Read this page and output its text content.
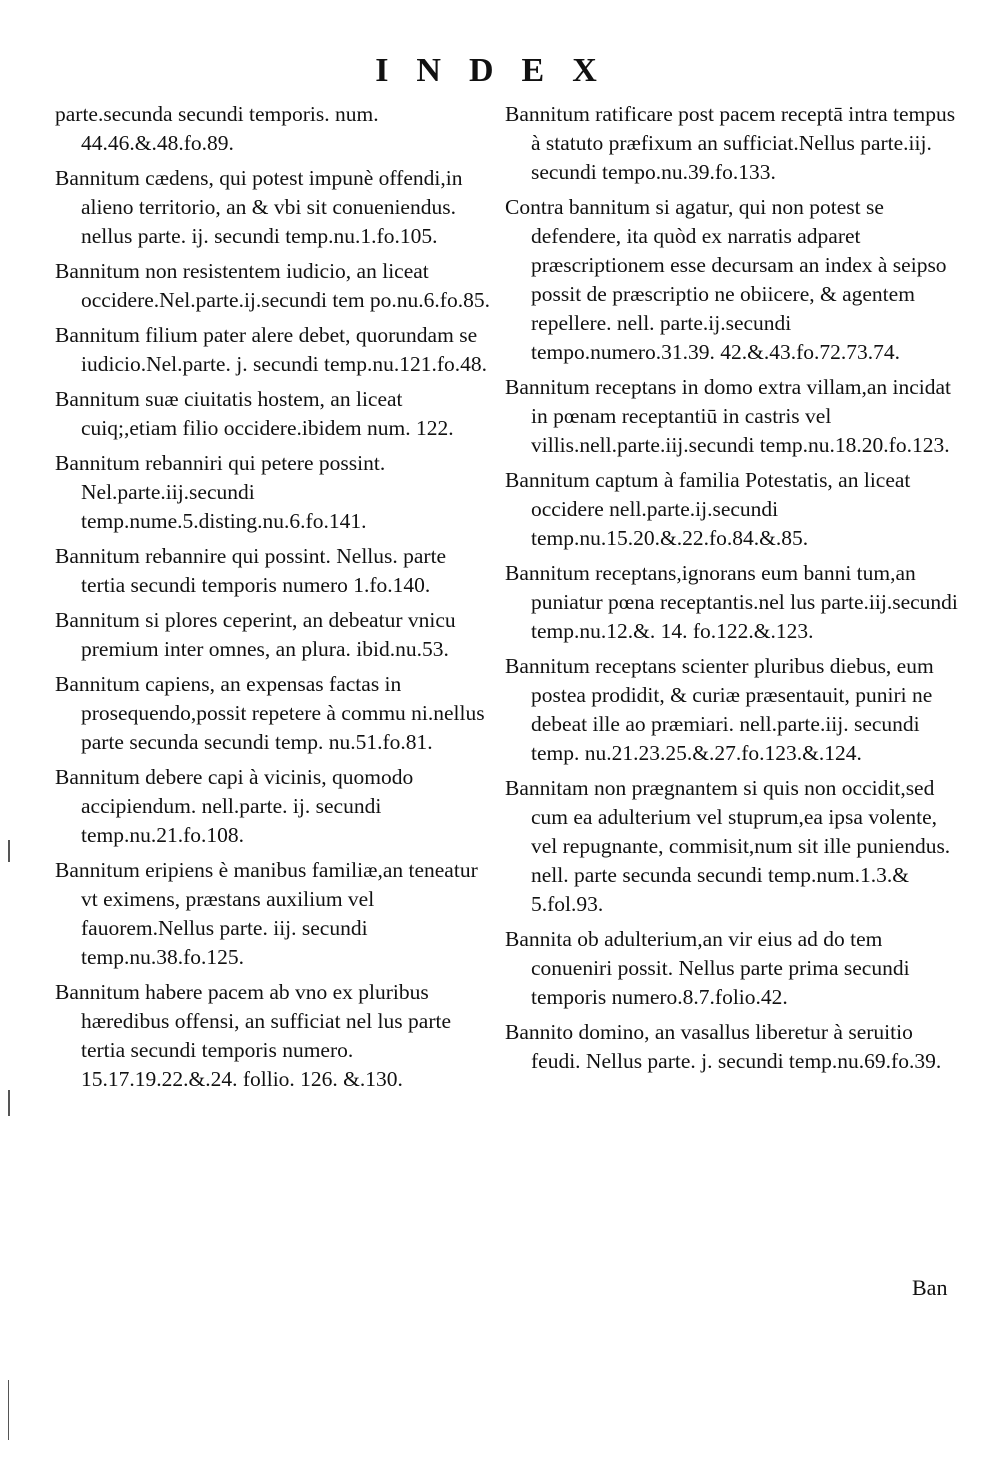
INDEX

parte.secunda secundi temporis. num. 44.46.&.48.fo.89.

Bannitum cædens, qui potest impunè offendi,in alieno territorio, an & vbi sit conueniendus. nellus parte. ij. secundi temp.nu.1.fo.105.

Bannitum non resistentem iudicio, an liceat occidere.Nel.parte.ij.secundi tem po.nu.6.fo.85.

Bannitum filium pater alere debet, quorundam se iudicio.Nel.parte. j. secundi temp.nu.121.fo.48.

Bannitum suæ ciuitatis hostem, an liceat cuiq;,etiam filio occidere.ibidem num. 122.

Bannitum rebanniri qui petere possint. Nel.parte.iij.secundi temp.nume.5.disting.nu.6.fo.141.

Bannitum rebannire qui possint. Nellus. parte tertia secundi temporis numero 1.fo.140.

Bannitum si plores ceperint, an debeatur vnicu premium inter omnes, an plura. ibid.nu.53.

Bannitum capiens, an expensas factas in prosequendo,possit repetere à commu ni.nellus parte secunda secundi temp. nu.51.fo.81.

Bannitum debere capi à vicinis, quomodo accipiendum. nell.parte. ij. secundi temp.nu.21.fo.108.

Bannitum eripiens è manibus familiæ,an teneatur vt eximens, præstans auxilium vel fauorem.Nellus parte. iij. secundi temp.nu.38.fo.125.

Bannitum habere pacem ab vno ex pluribus hæredibus offensi, an sufficiat nel lus parte tertia secundi temporis numero. 15.17.19.22.&.24. follio. 126. &.130.

Bannitum ratificare post pacem receptā intra tempus à statuto præfixum an sufficiat.Nellus parte.iij. secundi tempo.nu.39.fo.133.

Contra bannitum si agatur, qui non potest se defendere, ita quòd ex narratis adparet præscriptionem esse decursam an index à seipso possit de præscriptio ne obiicere, & agentem repellere. nell. parte.ij.secundi tempo.numero.31.39. 42.&.43.fo.72.73.74.

Bannitum receptans in domo extra villam,an incidat in pœnam receptantiū in castris vel villis.nell.parte.iij.secundi temp.nu.18.20.fo.123.

Bannitum captum à familia Potestatis, an liceat occidere nell.parte.ij.secundi temp.nu.15.20.&.22.fo.84.&.85.

Bannitum receptans,ignorans eum banni tum,an puniatur pœna receptantis.nel lus parte.iij.secundi temp.nu.12.&. 14. fo.122.&.123.

Bannitum receptans scienter pluribus diebus, eum postea prodidit, & curiæ præsentauit, puniri ne debeat ille ao præmiari. nell.parte.iij. secundi temp. nu.21.23.25.&.27.fo.123.&.124.

Bannitam non prægnantem si quis non occidit,sed cum ea adulterium vel stuprum,ea ipsa volente, vel repugnante, commisit,num sit ille puniendus. nell. parte secunda secundi temp.num.1.3.& 5.fol.93.

Bannita ob adulterium,an vir eius ad do tem conueniri possit. Nellus parte prima secundi temporis numero.8.7.folio.42.

Bannito domino, an vasallus liberetur à seruitio feudi. Nellus parte. j. secundi temp.nu.69.fo.39.

Ban
